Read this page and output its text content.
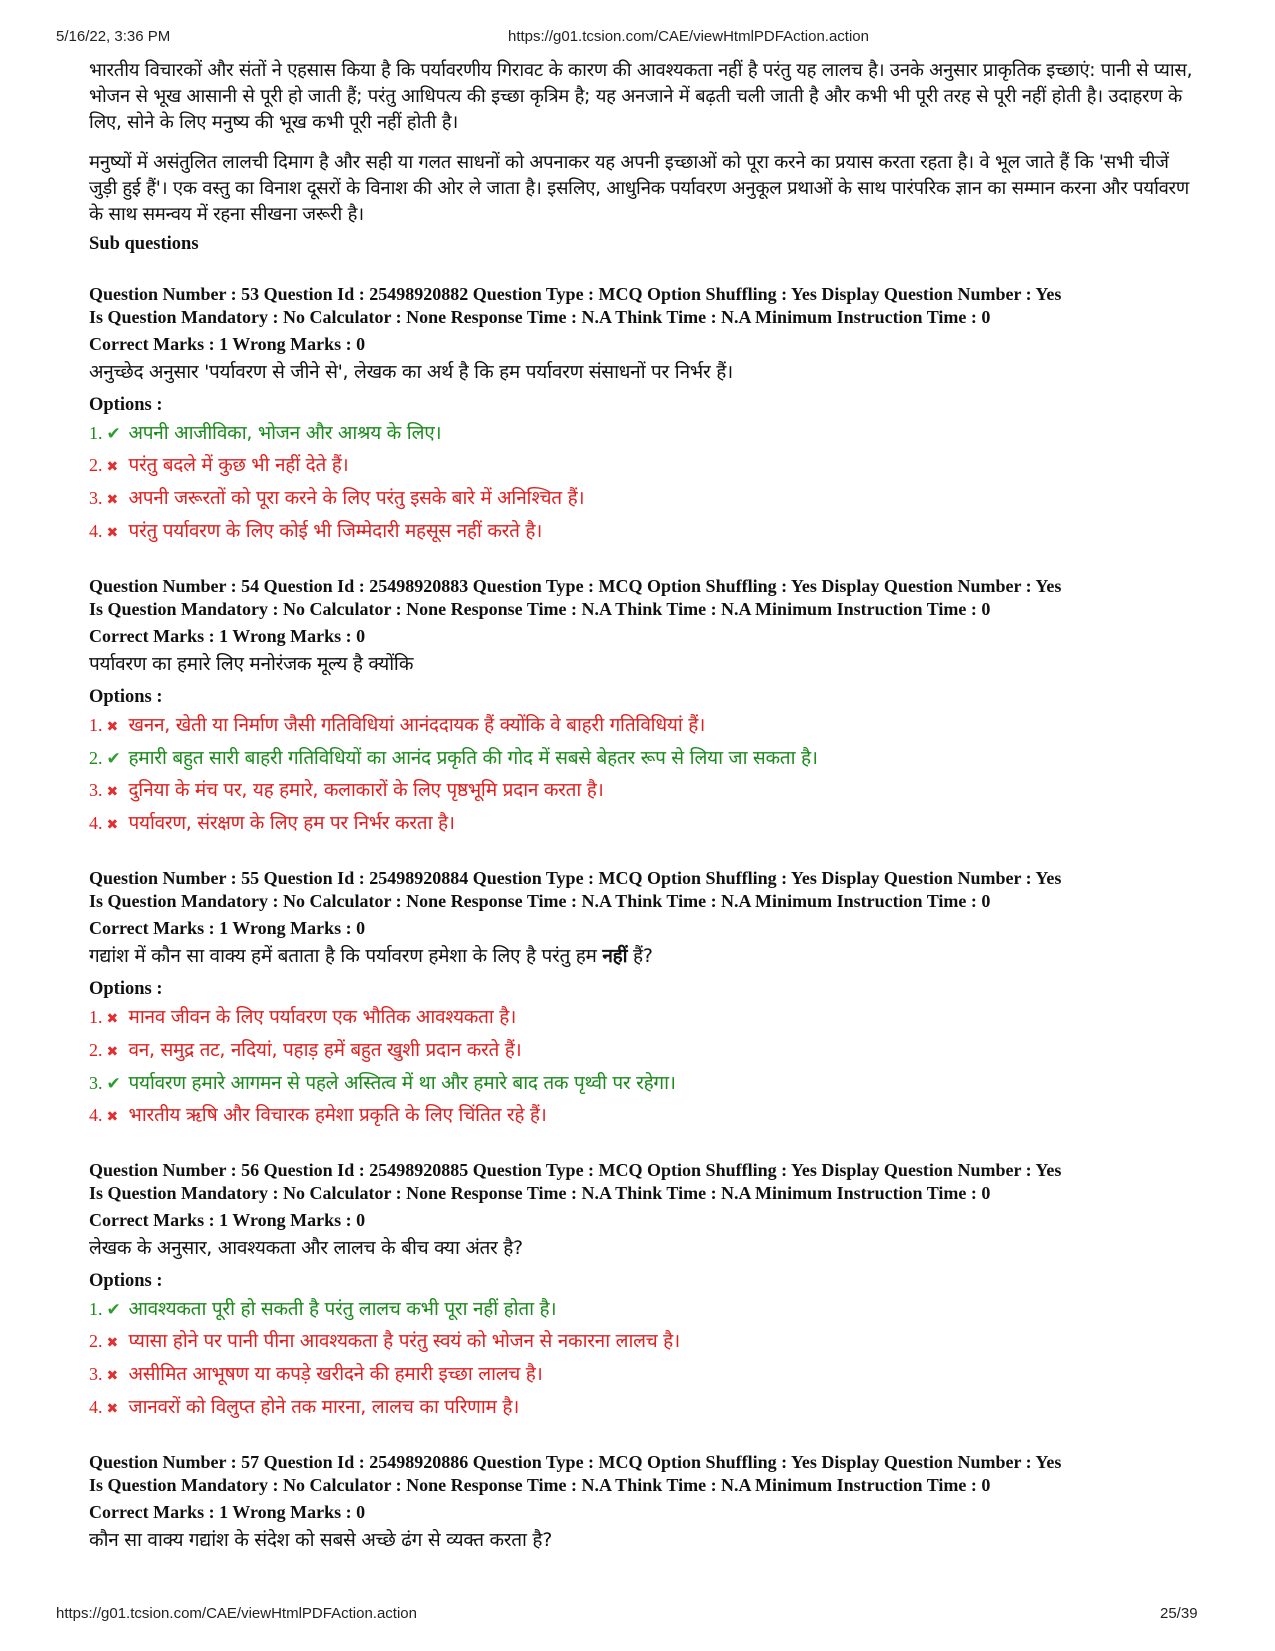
5/16/22, 3:36 PM	https://g01.tcsion.com/CAE/viewHtmlPDFAction.action

भारतीय विचारकों और संतों ने एहसास किया है कि पर्यावरणीय गिरावट के कारण की आवश्यकता नहीं है परंतु यह लालच है। उनके अनुसार प्राकृतिक इच्छाएं: पानी से प्यास, भोजन से भूख आसानी से पूरी हो जाती हैं; परंतु आधिपत्य की इच्छा कृत्रिम है; यह अनजाने में बढ़ती चली जाती है और कभी भी पूरी तरह से पूरी नहीं होती है। उदाहरण के लिए, सोने के लिए मनुष्य की भूख कभी पूरी नहीं होती है।

मनुष्यों में असंतुलित लालची दिमाग है और सही या गलत साधनों को अपनाकर यह अपनी इच्छाओं को पूरा करने का प्रयास करता रहता है। वे भूल जाते हैं कि 'सभी चीजें जुड़ी हुई हैं'। एक वस्तु का विनाश दूसरों के विनाश की ओर ले जाता है। इसलिए, आधुनिक पर्यावरण अनुकूल प्रथाओं के साथ पारंपरिक ज्ञान का सम्मान करना और पर्यावरण के साथ समन्वय में रहना सीखना जरूरी है।

Sub questions
Question Number : 53 Question Id : 25498920882 Question Type : MCQ Option Shuffling : Yes Display Question Number : Yes
Is Question Mandatory : No Calculator : None Response Time : N.A Think Time : N.A Minimum Instruction Time : 0
Correct Marks : 1 Wrong Marks : 0
अनुच्छेद अनुसार 'पर्यावरण से जीने से', लेखक का अर्थ है कि हम पर्यावरण संसाधनों पर निर्भर हैं।
Options :
1. ✔ अपनी आजीविका, भोजन और आश्रय के लिए।
2. ✖ परंतु बदले में कुछ भी नहीं देते हैं।
3. ✖ अपनी जरूरतों को पूरा करने के लिए परंतु इसके बारे में अनिश्चित हैं।
4. ✖ परंतु पर्यावरण के लिए कोई भी जिम्मेदारी महसूस नहीं करते है।
Question Number : 54 Question Id : 25498920883 Question Type : MCQ Option Shuffling : Yes Display Question Number : Yes
Is Question Mandatory : No Calculator : None Response Time : N.A Think Time : N.A Minimum Instruction Time : 0
Correct Marks : 1 Wrong Marks : 0
पर्यावरण का हमारे लिए मनोरंजक मूल्य है क्योंकि
Options :
1. ✖ खनन, खेती या निर्माण जैसी गतिविधियां आनंददायक हैं क्योंकि वे बाहरी गतिविधियां हैं।
2. ✔ हमारी बहुत सारी बाहरी गतिविधियों का आनंद प्रकृति की गोद में सबसे बेहतर रूप से लिया जा सकता है।
3. ✖ दुनिया के मंच पर, यह हमारे, कलाकारों के लिए पृष्ठभूमि प्रदान करता है।
4. ✖ पर्यावरण, संरक्षण के लिए हम पर निर्भर करता है।
Question Number : 55 Question Id : 25498920884 Question Type : MCQ Option Shuffling : Yes Display Question Number : Yes
Is Question Mandatory : No Calculator : None Response Time : N.A Think Time : N.A Minimum Instruction Time : 0
Correct Marks : 1 Wrong Marks : 0
गद्यांश में कौन सा वाक्य हमें बताता है कि पर्यावरण हमेशा के लिए है परंतु हम नहीं हैं?
Options :
1. ✖ मानव जीवन के लिए पर्यावरण एक भौतिक आवश्यकता है।
2. ✖ वन, समुद्र तट, नदियां, पहाड़ हमें बहुत खुशी प्रदान करते हैं।
3. ✔ पर्यावरण हमारे आगमन से पहले अस्तित्व में था और हमारे बाद तक पृथ्वी पर रहेगा।
4. ✖ भारतीय ऋषि और विचारक हमेशा प्रकृति के लिए चिंतित रहे हैं।
Question Number : 56 Question Id : 25498920885 Question Type : MCQ Option Shuffling : Yes Display Question Number : Yes
Is Question Mandatory : No Calculator : None Response Time : N.A Think Time : N.A Minimum Instruction Time : 0
Correct Marks : 1 Wrong Marks : 0
लेखक के अनुसार, आवश्यकता और लालच के बीच क्या अंतर है?
Options :
1. ✔ आवश्यकता पूरी हो सकती है परंतु लालच कभी पूरा नहीं होता है।
2. ✖ प्यासा होने पर पानी पीना आवश्यकता है परंतु स्वयं को भोजन से नकारना लालच है।
3. ✖ असीमित आभूषण या कपड़े खरीदने की हमारी इच्छा लालच है।
4. ✖ जानवरों को विलुप्त होने तक मारना, लालच का परिणाम है।
Question Number : 57 Question Id : 25498920886 Question Type : MCQ Option Shuffling : Yes Display Question Number : Yes
Is Question Mandatory : No Calculator : None Response Time : N.A Think Time : N.A Minimum Instruction Time : 0
Correct Marks : 1 Wrong Marks : 0
कौन सा वाक्य गद्यांश के संदेश को सबसे अच्छे ढंग से व्यक्त करता है?
https://g01.tcsion.com/CAE/viewHtmlPDFAction.action	25/39
